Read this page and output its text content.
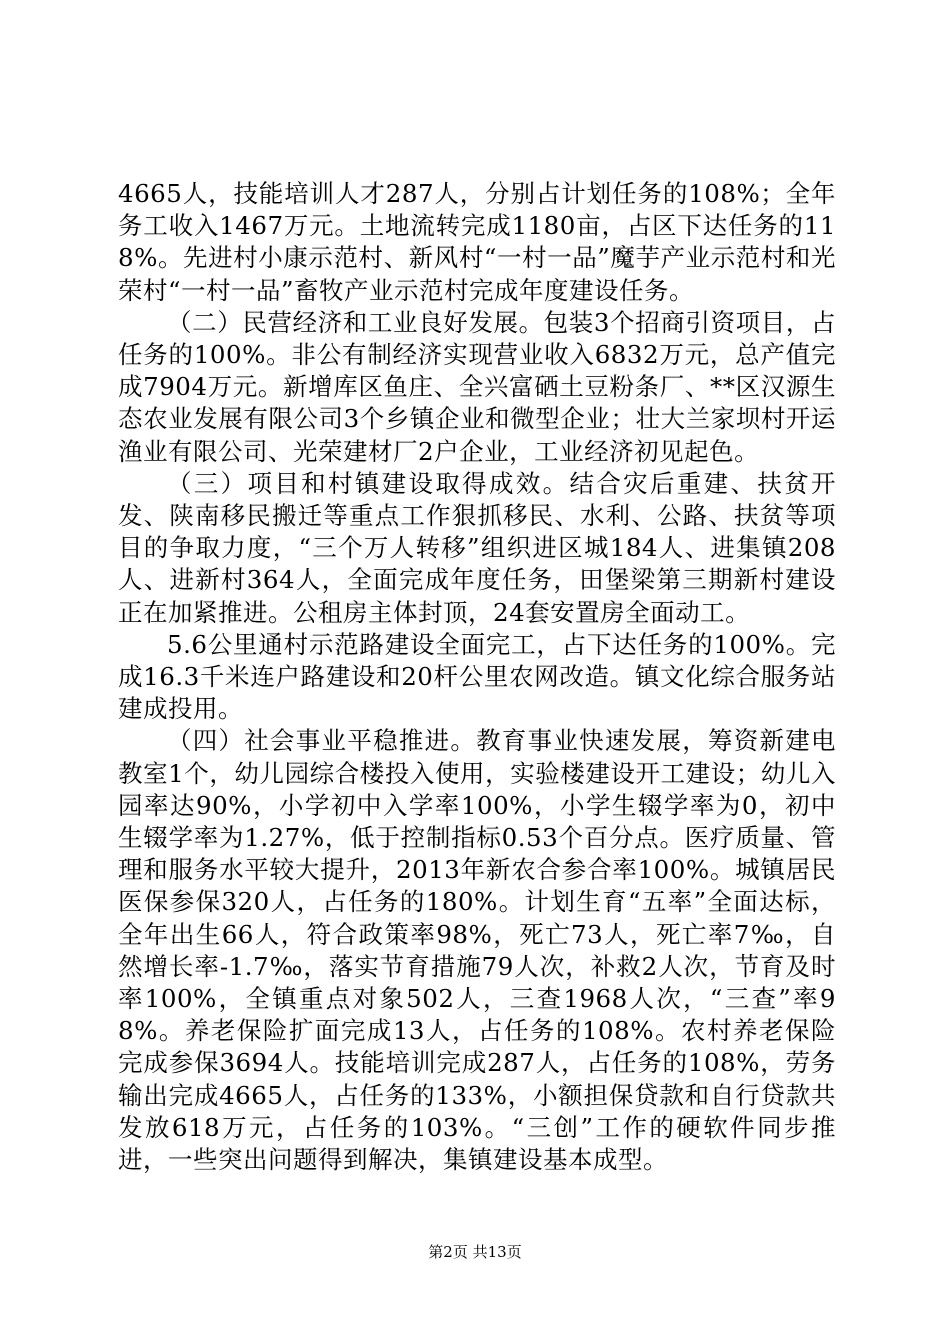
4665人，技能培训人才287人，分别占计划任务的108%；全年务工收入1467万元。土地流转完成1180亩，占区下达任务的118%。先进村小康示范村、新风村“一村一品”魔芋产业示范村和光荣村“一村一品”畜牧产业示范村完成年度建设任务。

（二）民营经济和工业良好发展。包装3个招商引资项目，占任务的100%。非公有制经济实现营业收入6832万元，总产值完成7904万元。新增库区鱼庄、全兴富硒土豆粉条厂、**区汉源生态农业发展有限公司3个乡镇企业和微型企业；壮大兰家坝村开运渔业有限公司、光荣建材厂2户企业，工业经济初见起色。

（三）项目和村镇建设取得成效。结合灾后重建、扶贫开发、陕南移民搬迁等重点工作狠抓移民、水利、公路、扶贫等项目的争取力度，“三个万人转移”组织进区城184人、进集镇208人、进新村364人，全面完成年度任务，田堡梁第三期新村建设正在加紧推进。公租房主体封顶，24套安置房全面动工。

5.6公里通村示范路建设全面完工，占下达任务的100%。完成16.3千米连户路建设和20杆公里农网改造。镇文化综合服务站建成投用。

（四）社会事业平稳推进。教育事业快速发展，筹资新建电教室1个，幼儿园综合楼投入使用，实验楼建设开工建设；幼儿入园率达90%，小学初中入学率100%，小学生辍学率为0，初中生辍学率为1.27%，低于控制指标0.53个百分点。医疗质量、管理和服务水平较大提升，2013年新农合参合率100%。城镇居民医保参保320人，占任务的180%。计划生育“五率”全面达标，全年出生66人，符合政策率98%，死亡73人，死亡率7‰，自然增长率-1.7‰，落实节育措施79人次，补救2人次，节育及时率100%，全镇重点对象502人，三查1968人次，“三查”率98%。养老保险扩面完成13人，占任务的108%。农村养老保险完成参保3694人。技能培训完成287人，占任务的108%，劳务输出完成4665人，占任务的133%，小额担保贷款和自行贷款共发放618万元，占任务的103%。“三创”工作的硬软件同步推进，一些突出问题得到解决，集镇建设基本成型。

第2页 共13页
